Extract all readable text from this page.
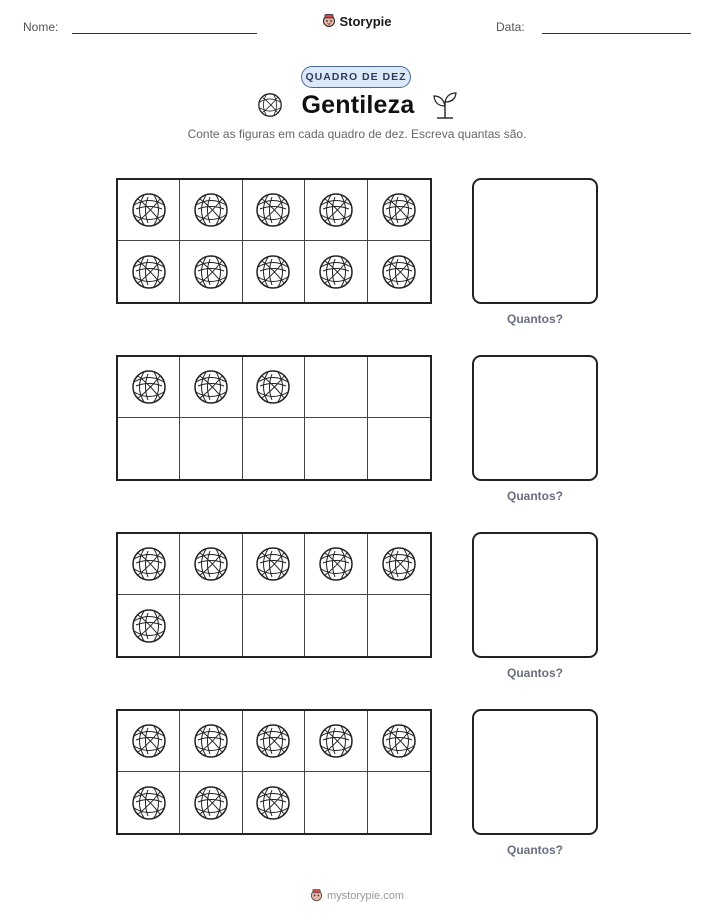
Nome:	Data:
Storypie
QUADRO DE DEZ
Gentileza
Conte as figuras em cada quadro de dez. Escreva quantas são.
Quantos?
Quantos?
Quantos?
Quantos?
mystorypie.com
